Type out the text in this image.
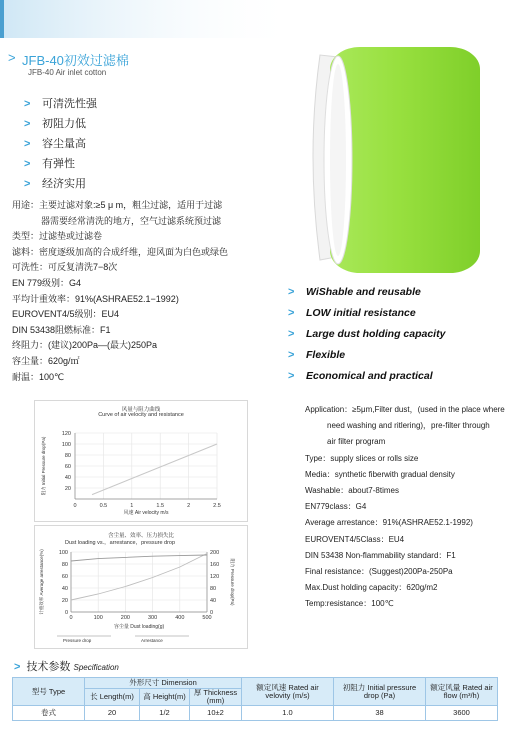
> JFB-40初效过滤棉
JFB-40 Air inlet cotton
> 可清洗性强
> 初阻力低
> 容尘量高
> 有弹性
> 经济实用
用途：主要过滤对象:≥5 μ m，粗尘过滤，适用于过滤
器需要经常清洗的地方，空气过滤系统预过滤
类型：过滤垫或过滤卷
滤料：密度逐级加高的合成纤维，迎风面为白色或绿色
可洗性：可反复清洗7−8次
EN 779级别：G4
平均计重效率：91%(ASHRAE52.1−1992)
EUROVENT4/5级别：EU4
DIN 53438阻燃标准：F1
终阻力：(建议)200Pa—(最大)250Pa
容尘量：620g/㎡
耐温：100℃
> WiShable and reusable
> LOW initial resistance
> Large dust holding capacity
> Flexible
> Economical and practical
Application：≥5μm,Filter dust，(used in the place where
need washing and ritlering)，pre-filter through
air filter program
Type：supply slices or rolls size
Media：synthetic fiberwith gradual density
Washable：about7-8times
EN779class：G4
Average arrestance：91%(ASHRAE52.1-1992)
EUROVENT4/5Class：EU4
DIN 53438 Non-flammability standard：F1
Final resistance：(Suggest)200Pa-250Pa
Max.Dust holding capacity：620g/m2
Temp:resistance：100℃
风量与阻力曲线
Curve of air velocity and resistance
0	0.5	1	1.5	2	2.5
20
40
60
80
100
120
风速 Air velocity m/s
阻力 Initial Pressure drop(Pa)
含尘量、效率、压力损失比
Dust loading vs.，arrestance，pressure drop
0	100	200	300	400	500
0
20
40
60
80
100
0
40
80
120
160
200
容尘量 Dust loading(g)
计重效率 Average arrestance(%)	阻力 Pressure drop(Pa)
Pressure drop	Arrestance
> 技术参数 Specification
型号 Type	外形尺寸 Dimension			额定风速 Rated air velovity (m/s)	初阻力 Initial pressure drop (Pa)	额定风量 Rated air flow (m³/h)
	长 Length(m)	高 Height(m)	厚 Thickness (mm)			
卷式	20	1/2	10±2	1.0	38	3600
